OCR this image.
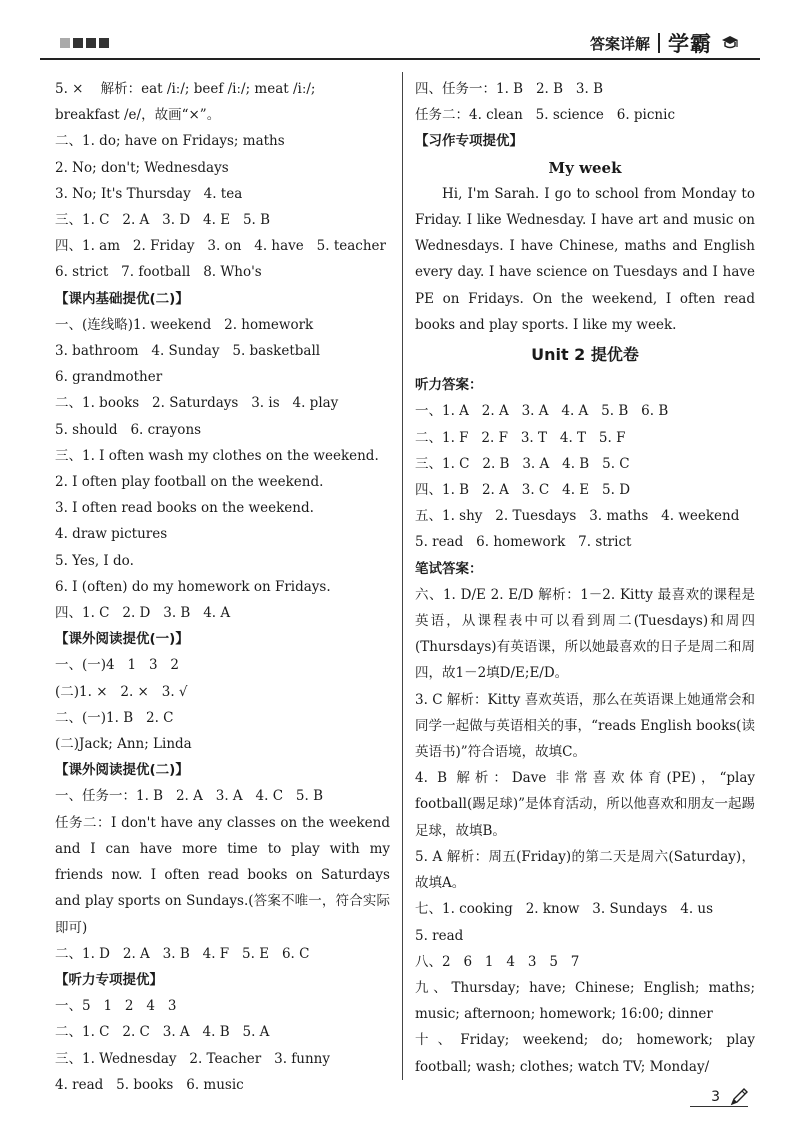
答案详解 学霸
5. ×    解析：eat /iː/; beef /iː/; meat /iː/;
breakfast /e/，故画“×”。
二、1. do; have on Fridays; maths
2. No; don't; Wednesdays
3. No; It's Thursday   4. tea
三、1. C   2. A   3. D   4. E   5. B
四、1. am   2. Friday   3. on   4. have   5. teacher
6. strict   7. football   8. Who's
【课内基础提优(二)】
一、(连线略)1. weekend   2. homework
3. bathroom   4. Sunday   5. basketball
6. grandmother
二、1. books   2. Saturdays   3. is   4. play
5. should   6. crayons
三、1. I often wash my clothes on the weekend.
2. I often play football on the weekend.
3. I often read books on the weekend.
4. draw pictures
5. Yes, I do.
6. I (often) do my homework on Fridays.
四、1. C   2. D   3. B   4. A
【课外阅读提优(一)】
一、(一)4   1   3   2
(二)1. ×   2. ×   3. √
二、(一)1. B   2. C
(二)Jack; Ann; Linda
【课外阅读提优(二)】
一、任务一：1. B   2. A   3. A   4. C   5. B
任务二：I don't have any classes on the weekend and I can have more time to play with my friends now. I often read books on Saturdays and play sports on Sundays.(答案不唯一，符合实际即可)
二、1. D   2. A   3. B   4. F   5. E   6. C
【听力专项提优】
一、5   1   2   4   3
二、1. C   2. C   3. A   4. B   5. A
三、1. Wednesday   2. Teacher   3. funny
4. read   5. books   6. music
四、任务一：1. B   2. B   3. B
任务二：4. clean   5. science   6. picnic
【习作专项提优】
My week
Hi, I'm Sarah. I go to school from Monday to Friday. I like Wednesday. I have art and music on Wednesdays. I have Chinese, maths and English every day. I have science on Tuesdays and I have PE on Fridays. On the weekend, I often read books and play sports. I like my week.
Unit 2 提优卷
听力答案：
一、1. A   2. A   3. A   4. A   5. B   6. B
二、1. F   2. F   3. T   4. T   5. F
三、1. C   2. B   3. A   4. B   5. C
四、1. B   2. A   3. C   4. E   5. D
五、1. shy   2. Tuesdays   3. maths   4. weekend
5. read   6. homework   7. strict
笔试答案：
六、1. D/E 2. E/D 解析：1－2. Kitty 最喜欢的课程是英语，从课程表中可以看到周二(Tuesdays)和周四(Thursdays)有英语课，所以她最喜欢的日子是周二和周四，故1－2填D/E;E/D。
3. C 解析：Kitty 喜欢英语，那么在英语课上她通常会和同学一起做与英语相关的事，“reads English books(读英语书)”符合语境，故填C。
4. B 解析：Dave 非常喜欢体育(PE)，“play football(踢足球)”是体育活动，所以他喜欢和朋友一起踢足球，故填B。
5. A 解析：周五(Friday)的第二天是周六(Saturday)，故填A。
七、1. cooking   2. know   3. Sundays   4. us
5. read
八、2   6   1   4   3   5   7
九、Thursday; have; Chinese; English; maths; music; afternoon; homework; 16:00; dinner
十、Friday; weekend; do; homework; play football; wash; clothes; watch TV; Monday/
3
